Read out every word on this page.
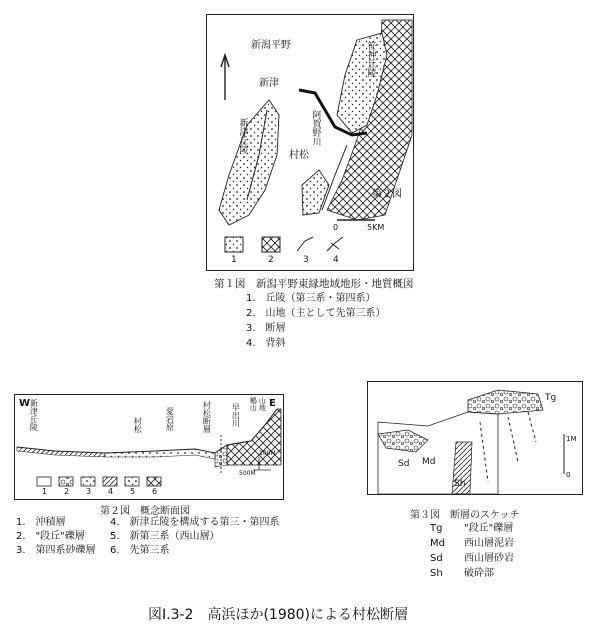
新潟平野
新津
新津丘陵
笹神丘陵
阿賀野川
村松
第２図
0	5KM
1	2	3	4
第１図　新潟平野東縁地域地形・地質概図
1.　丘陵（第三系・第四系）
2.　山地（主として先第三系）
3.　断層
4.　背斜
W	E
新津丘陵	村松	愛宕原	村松断層	早出川	山地
鶴山
100M
500M
1 2 3 4 5 6
第２図　概念断面図
1.　沖積層
2.　"段丘"礫層
3.　第四系砂礫層
4.　新津丘陵を構成する第三・第四系
5.　新第三系（西山層）
6.　先第三系
Tg
Md
Sd
Sh
1M
0
第３図　断層のスケッチ
Tg	"段丘"礫層
Md	西山層泥岩
Sd	西山層砂岩
Sh	破砕部
図I.3-2　高浜ほか(1980)による村松断層
